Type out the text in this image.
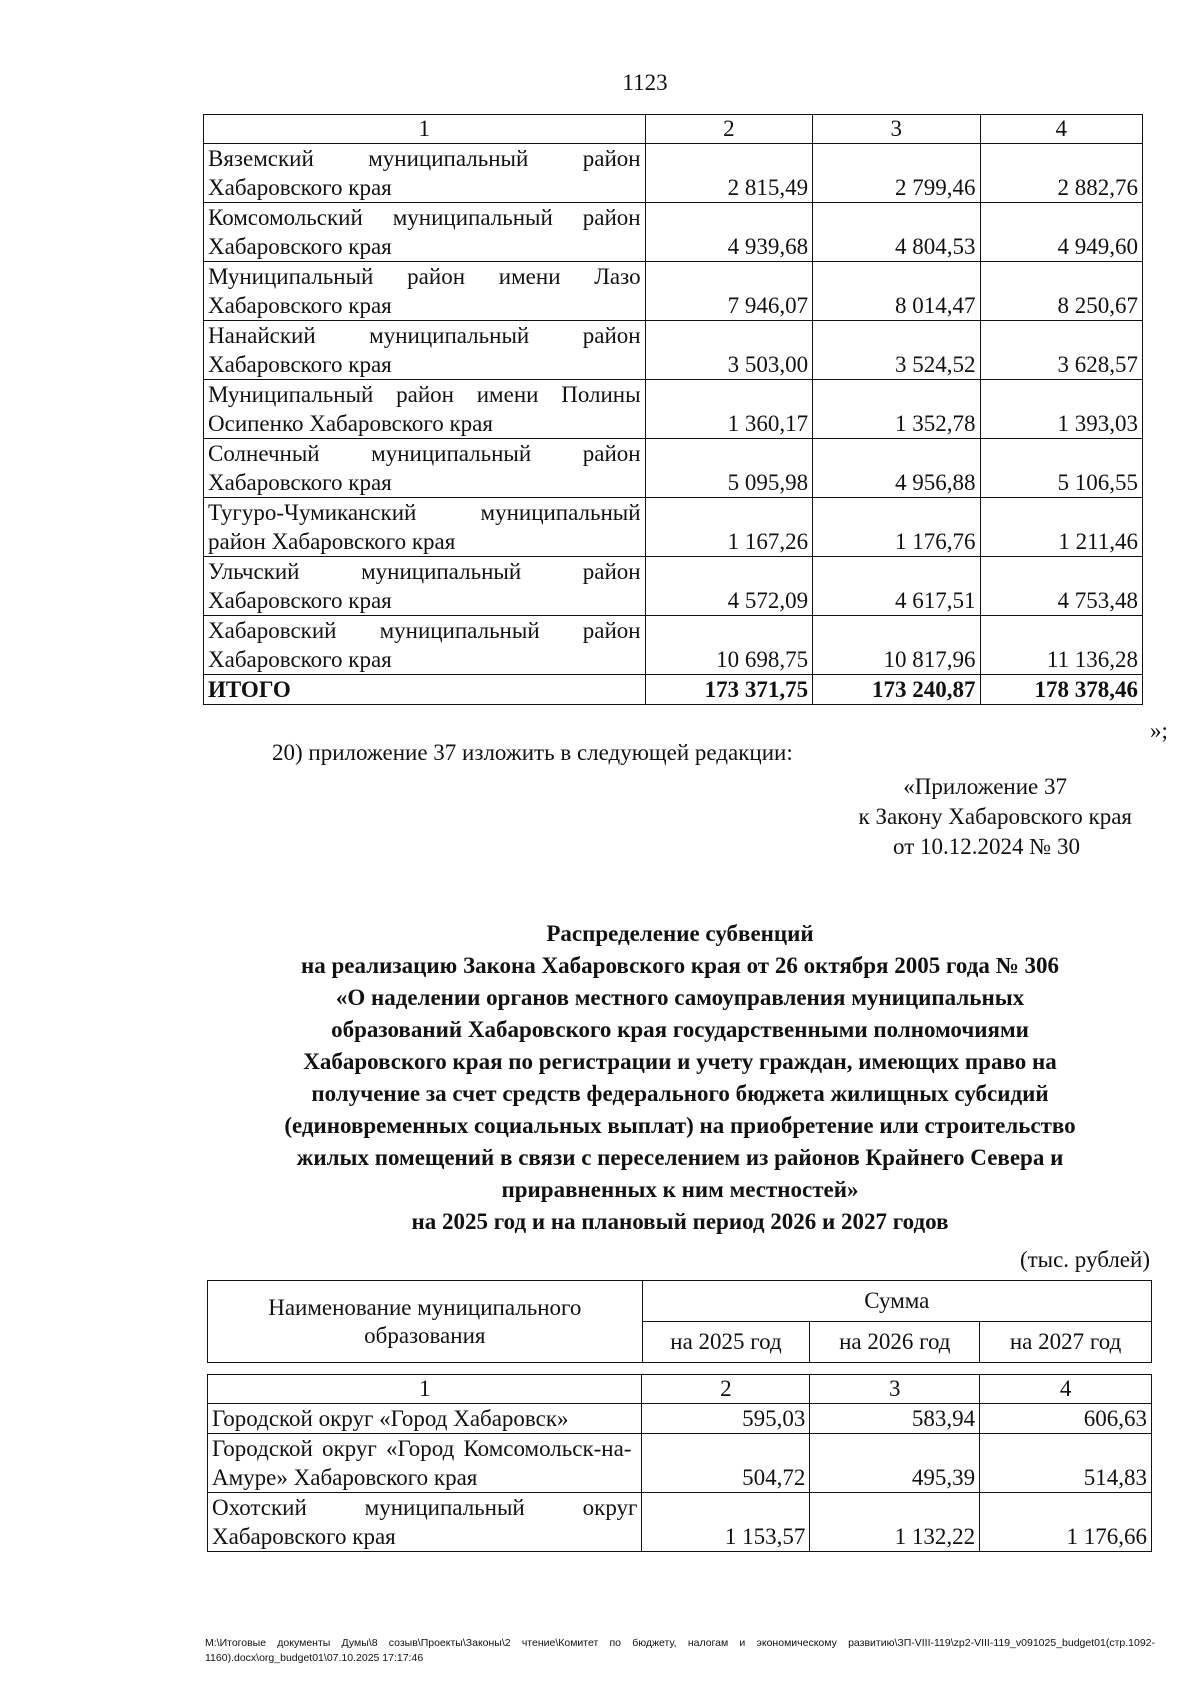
1123
1	2	3	4
Вяземский муниципальный район Хабаровского края	2 815,49	2 799,46	2 882,76
Комсомольский муниципальный район Хабаровского края	4 939,68	4 804,53	4 949,60
Муниципальный район имени Лазо Хабаровского края	7 946,07	8 014,47	8 250,67
Нанайский муниципальный район Хабаровского края	3 503,00	3 524,52	3 628,57
Муниципальный район имени Полины Осипенко Хабаровского края	1 360,17	1 352,78	1 393,03
Солнечный муниципальный район Хабаровского края	5 095,98	4 956,88	5 106,55
Тугуро-Чумиканский муниципальный район Хабаровского края	1 167,26	1 176,76	1 211,46
Ульчский муниципальный район Хабаровского края	4 572,09	4 617,51	4 753,48
Хабаровский муниципальный район Хабаровского края	10 698,75	10 817,96	11 136,28
ИТОГО	173 371,75	173 240,87	178 378,46
»;
20) приложение 37 изложить в следующей редакции:
«Приложение 37
к Закону Хабаровского края
от 10.12.2024 № 30
Распределение субвенций
на реализацию Закона Хабаровского края от 26 октября 2005 года № 306
«О наделении органов местного самоуправления муниципальных
образований Хабаровского края государственными полномочиями
Хабаровского края по регистрации и учету граждан, имеющих право на
получение за счет средств федерального бюджета жилищных субсидий
(единовременных социальных выплат) на приобретение или строительство
жилых помещений в связи с переселением из районов Крайнего Севера и
приравненных к ним местностей»
на 2025 год и на плановый период 2026 и 2027 годов
(тыс. рублей)
Наименование муниципального образования	Сумма		
	на 2025 год	на 2026 год	на 2027 год
1	2	3	4
Городской округ «Город Хабаровск»	595,03	583,94	606,63
Городской округ «Город Комсомольск-на-Амуре» Хабаровского края	504,72	495,39	514,83
Охотский муниципальный округ Хабаровского края	1 153,57	1 132,22	1 176,66
M:\Итоговые документы Думы\8 созыв\Проекты\Законы\2 чтение\Комитет по бюджету, налогам и экономическому развитию\ЗП-VIII-119\zp2-VIII-119_v091025_budget01(стр.1092-1160).docx\org_budget01\07.10.2025 17:17:46
